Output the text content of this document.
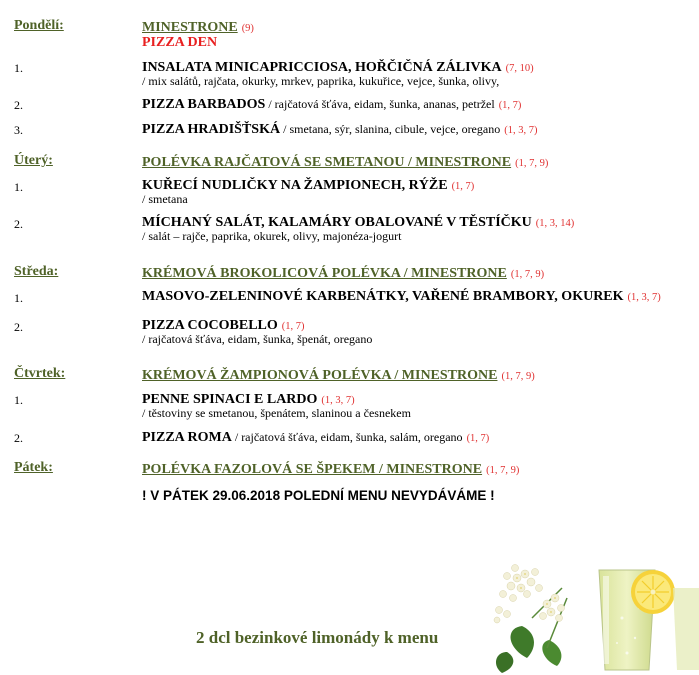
Pondělí:	MINESTRONE (9)
PIZZA DEN
1.	INSALATA MINICAPRICCIOSA, HOŘČIČNÁ ZÁLIVKA (7, 10)
/ mix salátů, rajčata, okurky, mrkev, paprika, kukuřice, vejce, šunka, olivy,
2.	PIZZA BARBADOS / rajčatová šťáva, eidam, šunka, ananas, petržel (1, 7)
3.	PIZZA HRADIŠŤSKÁ / smetana, sýr, slanina, cibule, vejce, oregano (1, 3, 7)
Úterý:	POLÉVKA RAJČATOVÁ SE SMETANOU / MINESTRONE (1, 7, 9)
1.	KUŘECÍ NUDLIČKY NA ŽAMPIONECH, RÝŽE (1, 7)
/ smetana
2.	MÍCHANÝ SALÁT, KALAMÁRY OBALOVANÉ V TĚSTÍČKU (1, 3, 14)
/ salát – rajče, paprika, okurek, olivy, majonéza-jogurt
Středa:	KRÉMOVÁ BROKOLICOVÁ POLÉVKA / MINESTRONE (1, 7, 9)
1.	MASOVO-ZELENINOVÉ KARBENÁTKY, VAŘENÉ BRAMBORY, OKUREK (1, 3, 7)
2.	PIZZA COCOBELLO (1, 7)
/ rajčatová šťáva, eidam, šunka, špenát, oregano
Čtvrtek:	KRÉMOVÁ ŽAMPIONOVÁ POLÉVKA / MINESTRONE (1, 7, 9)
1.	PENNE SPINACI E LARDO (1, 3, 7)
/ těstoviny se smetanou, špenátem, slaninou a česnekem
2.	PIZZA ROMA / rajčatová šťáva, eidam, šunka, salám, oregano (1, 7)
Pátek:	POLÉVKA FAZOLOVÁ SE ŠPEKEM / MINESTRONE (1, 7, 9)
! V PÁTEK 29.06.2018 POLEDNÍ MENU NEVYDÁVÁME !
2 dcl bezinkové limonády k menu
